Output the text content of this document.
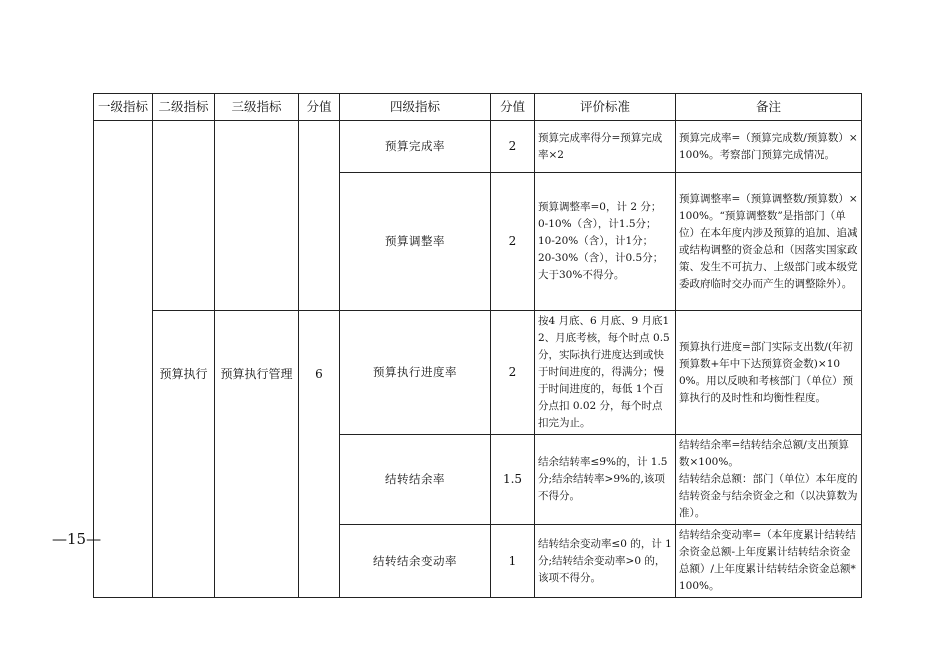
一级指标	二级指标	三级指标	分值	四级指标	分值	评价标准	备注
				预算完成率	2	预算完成率得分=预算完成率×2	预算完成率=（预算完成数/预算数）×100%。考察部门预算完成情况。

				预算调整率	2	预算调整率=0，计 2 分；
0-10%（含），计1.5分；
10-20%（含），计1分；
20-30%（含），计0.5分；
大于30%不得分。	预算调整率=（预算调整数/预算数）×100%。“预算调整数”是指部门（单位）在本年度内涉及预算的追加、追减或结构调整的资金总和（因落实国家政策、发生不可抗力、上级部门或本级党委政府临时交办而产生的调整除外）。

	预算执行	预算执行管理	6	预算执行进度率	2	按4 月底、6 月底、9 月底12、月底考核，每个时点 0.5 分，实际执行进度达到或快于时间进度的，得满分；慢于时间进度的，每低 1个百分点扣 0.02 分，每个时点扣完为止。	预算执行进度=部门实际支出数/(年初预算数+年中下达预算资金数)×100%。用以反映和考核部门（单位）预算执行的及时性和均衡性程度。

				结转结余率	1.5	结余结转率≤9%的，计 1.5 分;结余结转率>9%的,该项不得分。	结转结余率=结转结余总额/支出预算数×100%。
结转结余总额：部门（单位）本年度的结转资金与结余资金之和（以决算数为准）。

				结转结余变动率	1	结转结余变动率≤0 的，计 1 分;结转结余变动率>0 的，该项不得分。	结转结余变动率=（本年度累计结转结余资金总额-上年度累计结转结余资金总额）/上年度累计结转结余资金总额*100%。
—15—
